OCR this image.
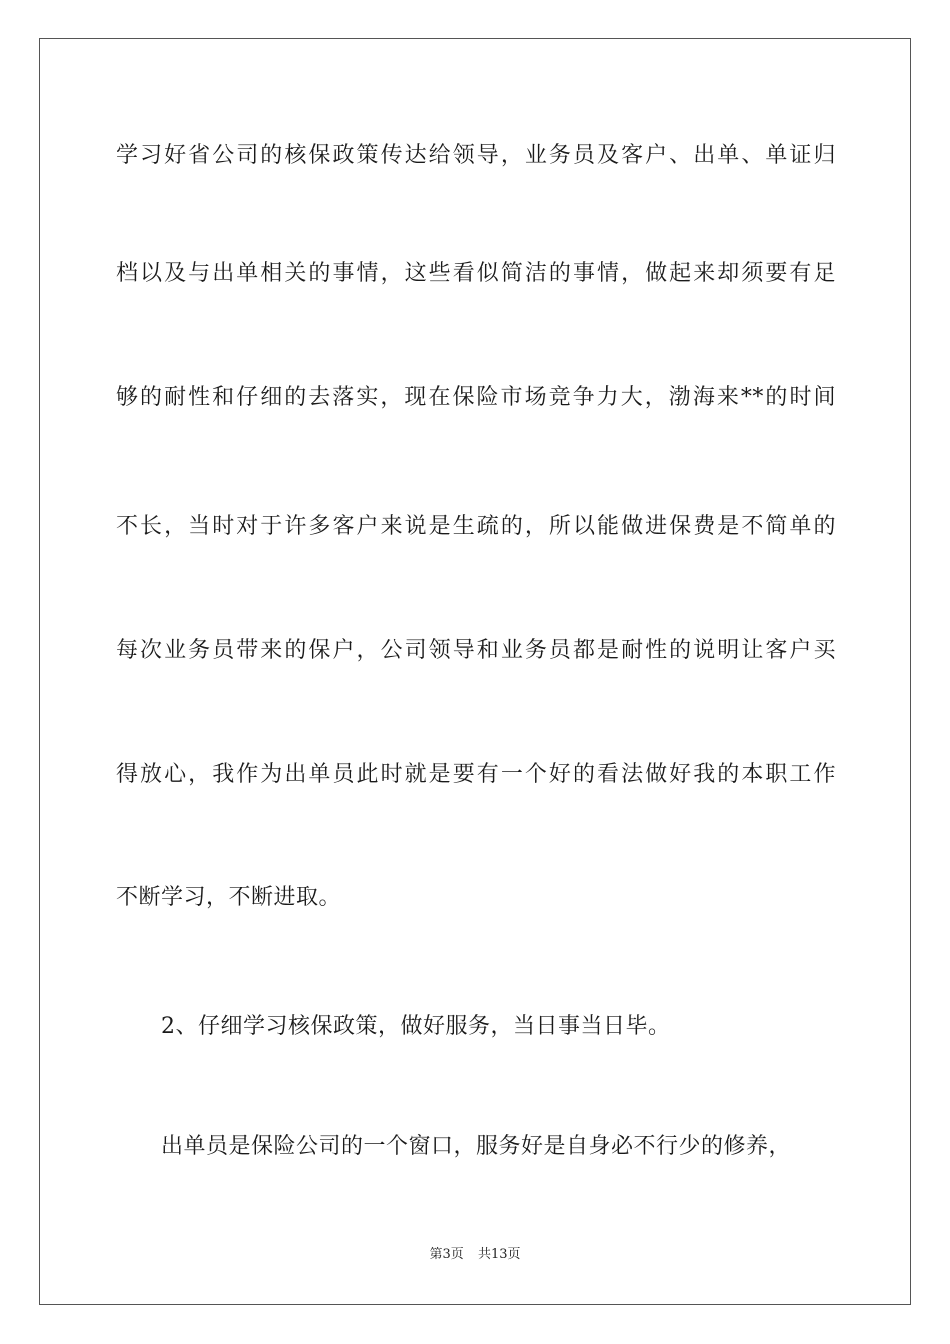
学习好省公司的核保政策传达给领导，业务员及客户、出单、单证归
档以及与出单相关的事情，这些看似简洁的事情，做起来却须要有足
够的耐性和仔细的去落实，现在保险市场竞争力大，渤海来**的时间
不长，当时对于许多客户来说是生疏的，所以能做进保费是不简单的
每次业务员带来的保户，公司领导和业务员都是耐性的说明让客户买
得放心，我作为出单员此时就是要有一个好的看法做好我的本职工作
不断学习，不断进取。
2、仔细学习核保政策，做好服务，当日事当日毕。
出单员是保险公司的一个窗口，服务好是自身必不行少的修养，
第3页 共13页
